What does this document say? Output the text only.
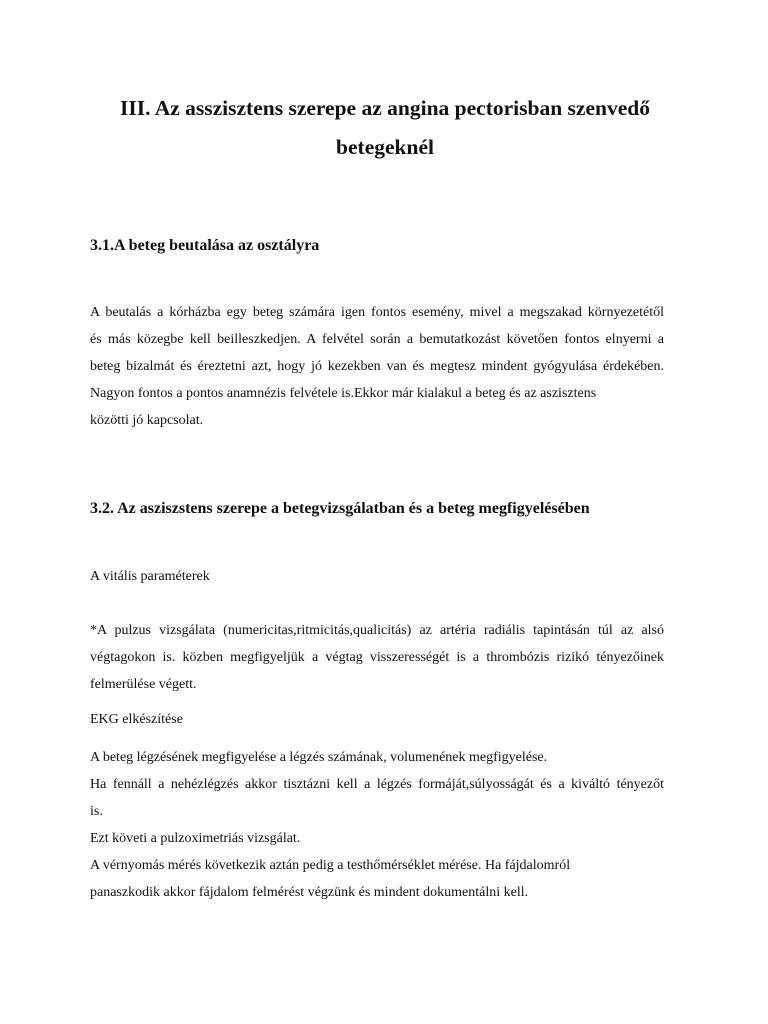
III. Az asszisztens szerepe az angina pectorisban szenvedő
betegeknél
3.1.A beteg beutalása az osztályra

A beutalás a kórházba egy beteg számára igen fontos esemény, mivel a megszakad környezetétől

és más közegbe kell beilleszkedjen. A felvétel során a bemutatkozást követően fontos elnyerni a

beteg bizalmát és éreztetni azt, hogy jó kezekben van és megtesz mindent gyógyulása érdekében.

Nagyon fontos a pontos anamnézis felvétele is.Ekkor már kialakul a beteg és az aszisztens

közötti jó kapcsolat.

3.2. Az asziszstens szerepe a betegvizsgálatban és a beteg megfigyelésében

A vitális paraméterek

*A pulzus vizsgálata (numericitas,ritmicitás,qualicitás) az artéria radiális tapintásán túl az alsó

végtagokon is. közben megfigyeljük a végtag visszerességét is a thrombózis rizikó tényezőinek

felmerülése végett.

EKG elkészítése

A beteg légzésének megfigyelése a légzés számának, volumenének megfigyelése.

Ha fennáll a nehézlégzés akkor tisztázni kell a légzés formáját,súlyosságát és a kiváltó tényezőt

is.

Ezt követi a pulzoximetriás vizsgálat.

A vérnyomás mérés következik aztán pedig a testhőmérséklet mérése. Ha fájdalomról

panaszkodik akkor fájdalom felmérést végzünk és mindent dokumentálni kell.
